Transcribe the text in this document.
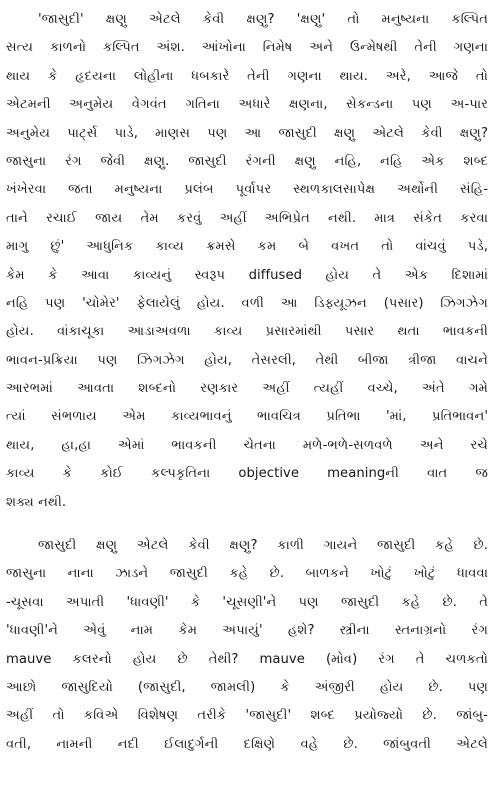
'જાસુદી' ક્ષણુ એટલે કેવી ક્ષણુ? 'ક્ષણુ' તો મનુષ્યના કલ્પિત
સત્ય કાળનો કલ્પિત અંશ. આંખોના નિમેષ અને ઉન્મેષથી તેની ગણના
થાય કે હૃદયના લોહીના ધબકારે તેની ગણના થાય. અરે, આજે તો
એટમની અનુમેય વેગવંત ગતિના અધારે ક્ષણના, સેકન્ડના પણ અ-પાર
અનુમેય પાર્ટ્સ પાડે, માણસ પણ આ જાસુદી ક્ષણુ એટલે કેવી ક્ષણુ?
જાસુના રંગ જેવી ક્ષણુ. જાસુદી રંગની ક્ષણુ નહિ, નહિ એક શબ્દ
ખંખેરવા જતા મનુષ્યના પ્રલંબ પૂર્વાપર સ્થળકાલસાપેક્ષ અર્થોની સંહિ-
તાને રચાઈ જાય તેમ કરવું અહીં અભિપ્રેત નથી. માત્ર સંકેત કરવા
માગુ છું' આધુનિક કાવ્ય ક્રમસે કમ બે વખત તો વાંચવું પડે,
કેમ કે આવા કાવ્યનું સ્વરૂપ diffused હોય તે એક દિશામાં
નહિ પણ 'ચોમેર' ફેલાયેલું હોય. વળી આ ડિફ્યૂઝન (પસાર) ઝિગઝેગ
હોય. વાંકાચૂકા આડાઅવળા કાવ્ય પ્રસારમાંથી પસાર થતા ભાવકની
ભાવન-પ્રક્રિયા પણ ઝિગઝેગ હોય, તેસરલી, તેથી બીજા ત્રીજા વાચને
આરભમાં આવતા શબ્દનો રણકાર અહીં ત્યહીં વચ્ચે, અંતે ગમે
ત્યાં સંભળાય એમ કાવ્યભાવનું ભાવચિત્ર પ્રતિભા 'માં, પ્રતિભાવન'
થાય, હા,હા એમાં ભાવકની ચેતના મળે-ભળે-સળવળે અને રચે
કાવ્ય કે કોઈ કલ્પકૃતિના objective meaningની વાત જ
શક્ય નથી.
જાસુદી ક્ષણુ એટલે કેવી ક્ષણુ? કાળી ગાયને જાસુદી કહે છે.
જાસુના નાના ઝાડને જાસુદી કહે છે. બાળકને ખોટું ખોટું ધાવવા
-ચૂસવા અપાતી 'ધાવણી' કે 'ચૂસણી'ને પણ જાસુદી કહે છે. તે
'ધાવણી'ને એવું નામ કેમ અપાયું' હશે? સ્ત્રીના સ્તનાગ્રનો રંગ
mauve કલરનો હોય છે તેથી? mauve (મોવ) રંગ તે ચળકતો
આછો જાસુદિયો (જાસુદી, જામલી) કે અંજીરી હોય છે. પણ
અહીં તો કવિએ વિશેષણ તરીકે 'જાસુદી' શબ્દ પ્રયોજ્યો છે. જાંબુ-
વતી, નામની નદી ઈલાદુર્ગની દક્ષિણે વહે છે. જાંબુવતી એટલે
